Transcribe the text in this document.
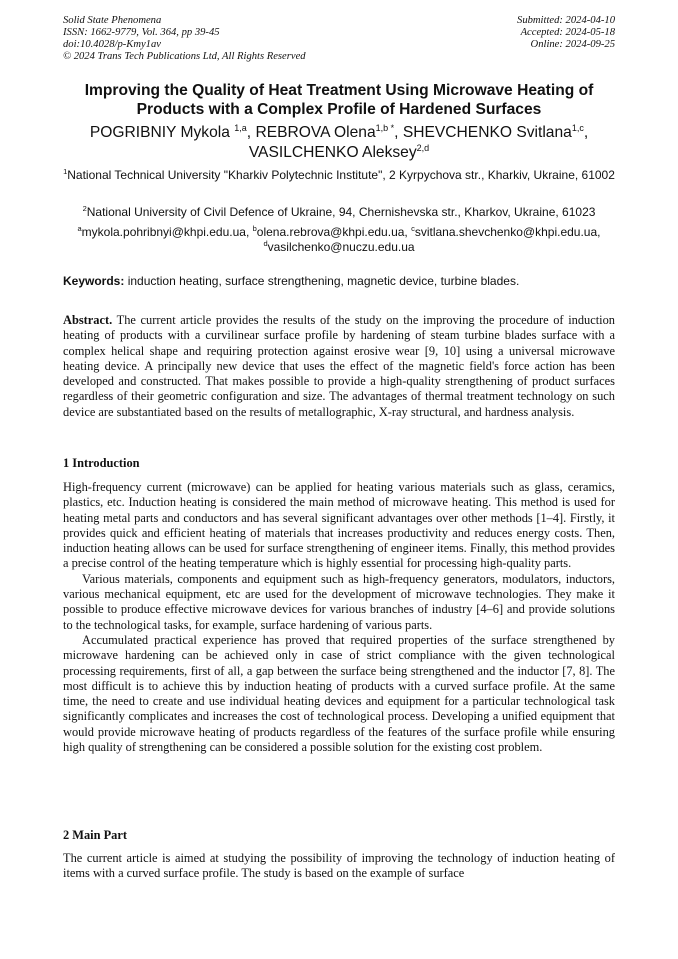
Solid State Phenomena
ISSN: 1662-9779, Vol. 364, pp 39-45
doi:10.4028/p-Kmy1av
© 2024 Trans Tech Publications Ltd, All Rights Reserved
Submitted: 2024-04-10
Accepted: 2024-05-18
Online: 2024-09-25
Improving the Quality of Heat Treatment Using Microwave Heating of Products with a Complex Profile of Hardened Surfaces
POGRIBNIY Mykola $^{1,a}$, REBROVA Olena$^{1,b *}$, SHEVCHENKO Svitlana$^{1,c}$,
VASILCHENKO Aleksey$^{2,d}$
$^1$National Technical University "Kharkiv Polytechnic Institute", 2 Kyrpychova str., Kharkiv, Ukraine, 61002
$^2$National University of Civil Defence of Ukraine, 94, Chernishevska str., Kharkov, Ukraine, 61023
$^a$mykola.pohribnyi@khpi.edu.ua, $^b$olena.rebrova@khpi.edu.ua, $^c$svitlana.shevchenko@khpi.edu.ua,
$^d$vasilchenko@nuczu.edu.ua
Keywords: induction heating, surface strengthening, magnetic device, turbine blades.

Abstract. The current article provides the results of the study on the improving the procedure of induction heating of products with a curvilinear surface profile by hardening of steam turbine blades surface with a complex helical shape and requiring protection against erosive wear [9, 10] using a universal microwave heating device. A principally new device that uses the effect of the magnetic field's force action has been developed and constructed. That makes possible to provide a high-quality strengthening of product surfaces regardless of their geometric configuration and size. The advantages of thermal treatment technology on such device are substantiated based on the results of metallographic, X-ray structural, and hardness analysis.

1 Introduction

High-frequency current (microwave) can be applied for heating various materials such as glass, ceramics, plastics, etc. Induction heating is considered the main method of microwave heating. This method is used for heating metal parts and conductors and has several significant advantages over other methods [1–4]. Firstly, it provides quick and efficient heating of materials that increases productivity and reduces energy costs. Then, induction heating allows can be used for surface strengthening of engineer items. Finally, this method provides a precise control of the heating temperature which is highly essential for processing high-quality parts.

Various materials, components and equipment such as high-frequency generators, modulators, inductors, various mechanical equipment, etc are used for the development of microwave technologies. They make it possible to produce effective microwave devices for various branches of industry [4–6] and provide solutions to the technological tasks, for example, surface hardening of various parts.

Accumulated practical experience has proved that required properties of the surface strengthened by microwave hardening can be achieved only in case of strict compliance with the given technological processing requirements, first of all, a gap between the surface being strengthened and the inductor [7, 8]. The most difficult is to achieve this by induction heating of products with a curved surface profile. At the same time, the need to create and use individual heating devices and equipment for a particular technological task significantly complicates and increases the cost of technological process. Developing a unified equipment that would provide microwave heating of products regardless of the features of the surface profile while ensuring high quality of strengthening can be considered a possible solution for the existing cost problem.

2 Main Part

The current article is aimed at studying the possibility of improving the technology of induction heating of items with a curved surface profile. The study is based on the example of surface
